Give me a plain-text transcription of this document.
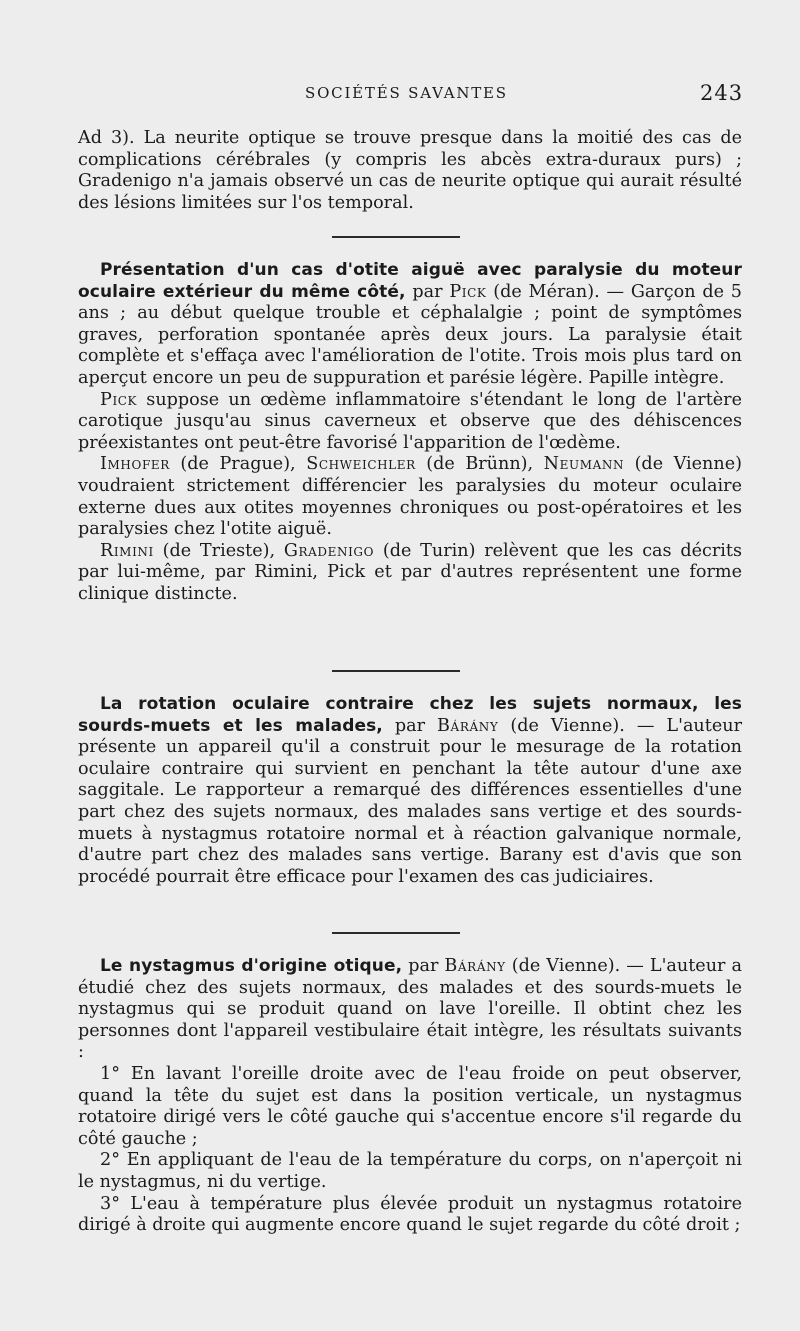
SOCIÉTÉS SAVANTES	243

Ad 3). La neurite optique se trouve presque dans la moitié des cas de complications cérébrales (y compris les abcès extra-duraux purs) ; Gradenigo n'a jamais observé un cas de neurite optique qui aurait résulté des lésions limitées sur l'os temporal.

Présentation d'un cas d'otite aiguë avec paralysie du moteur oculaire extérieur du même côté, par Pick (de Méran). — Garçon de 5 ans ; au début quelque trouble et céphalalgie ; point de symptômes graves, perforation spontanée après deux jours. La paralysie était complète et s'effaça avec l'amélioration de l'otite. Trois mois plus tard on aperçut encore un peu de suppuration et parésie légère. Papille intègre.

Pick suppose un œdème inflammatoire s'étendant le long de l'artère carotique jusqu'au sinus caverneux et observe que des déhiscences préexistantes ont peut-être favorisé l'apparition de l'œdème.

Imhofer (de Prague), Schweichler (de Brünn), Neumann (de Vienne) voudraient strictement différencier les paralysies du moteur oculaire externe dues aux otites moyennes chroniques ou post-opératoires et les paralysies chez l'otite aiguë.

Rimini (de Trieste), Gradenigo (de Turin) relèvent que les cas décrits par lui-même, par Rimini, Pick et par d'autres représentent une forme clinique distincte.

La rotation oculaire contraire chez les sujets normaux, les sourds-muets et les malades, par Bárány (de Vienne). — L'auteur présente un appareil qu'il a construit pour le mesurage de la rotation oculaire contraire qui survient en penchant la tête autour d'une axe saggitale. Le rapporteur a remarqué des différences essentielles d'une part chez des sujets normaux, des malades sans vertige et des sourds-muets à nystagmus rotatoire normal et à réaction galvanique normale, d'autre part chez des malades sans vertige. Barany est d'avis que son procédé pourrait être efficace pour l'examen des cas judiciaires.

Le nystagmus d'origine otique, par Bárány (de Vienne). — L'auteur a étudié chez des sujets normaux, des malades et des sourds-muets le nystagmus qui se produit quand on lave l'oreille. Il obtint chez les personnes dont l'appareil vestibulaire était intègre, les résultats suivants :

1° En lavant l'oreille droite avec de l'eau froide on peut observer, quand la tête du sujet est dans la position verticale, un nystagmus rotatoire dirigé vers le côté gauche qui s'accentue encore s'il regarde du côté gauche ;

2° En appliquant de l'eau de la température du corps, on n'aperçoit ni le nystagmus, ni du vertige.

3° L'eau à température plus élevée produit un nystagmus rotatoire dirigé à droite qui augmente encore quand le sujet regarde du côté droit ;
